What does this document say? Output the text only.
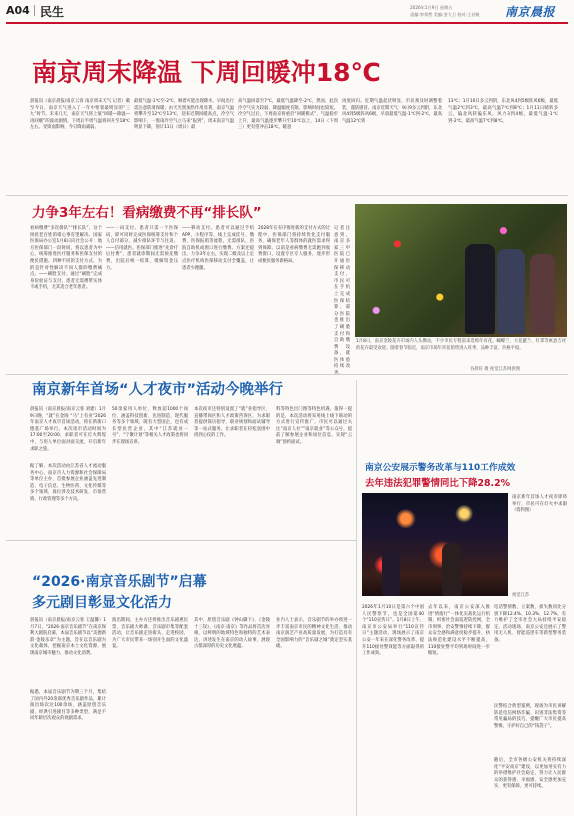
A04 民生	2026年1月9日 星期五
责编:李荣然 美编:金大卫 校对:王若帆 南京晨报
南京周末降温 下周回暖冲18℃
晨报讯（南京晨报/南京云客 南京周末天气 记者）截至今日，南京天气进入了一年中寒暑最明显的“三九”时节。未来几天，南京天气将上演“回暖—降温—再回暖”的波动剧情，下周后半周气温将回升至18℃左右。受锋面影响，今日降雨减弱。
最低气温-1℃至-2℃，顾着可能出现降水，早间出行需注意防滑保暖；由天光照加热作用显著，南京气温将攀升至12℃至13℃，迎来近期回暖高点。冷空气影响下，一股南冷空气立马来“报到”，周末南京气温明显下降，预计11日（周日）最
高气温回落至7℃，最低气温降至-2℃，然而，此次冷空气实力较弱，降温幅度有限，影响时间也较短。冷空气过后，下周南京将重启“回暖模式”，气温稳步上升，最高气温逐步攀升至10℃以上，14日（下周三）更有望冲击18℃，暖意
再度回归。近期气温起伏明显，市民须及时调整着装，谨防感冒。南京近期天气：9日9多云到阴，东北风4到5级阵风6级，早晨最低气温-1℃到-2℃，最高气温12℃到
13℃；1月10日多云到阴，东北风4到5级阵风6级，最低气温2℃到3℃，最高气温7℃到8℃；1月11日晴转多云，偏北风转偏东风，风力3到4级，最低气温-1℃到-2℃，最高气温7℃到8℃。
力争3年左右！看病缴费不再“排长队”
看病缴费“多次排队”“排长队”，这个困扰老百姓的堵心事有望解决。国家医保局办公室1月8日向社会公开：地方医保部门一段时间，将以患者为中心，统筹推进医疗服务和医保支付的便民措施。四种不同的支付方式，为的是针对性解决不同人群的缴费痛点。——刷脸支付。通过“刷脸”完成身份验证与支付，患者无需携带实体卡或手机，尤其适合老年患者。
——一码支付。患者只需一个医保码，即可同时完成医保统筹支付和个人自付部分，减少排队环节与往返。——信用就医。医保部门推进“先诊疗后付费”，患者就诊期间无需预先缴费，出院后统一结算，缓解资金压力。
——移动支付。患者可以通过手机APP、小程序等，线上完成挂号、缴费、医保报销等流程，无需排队，医院自助机或窗口进行缴费。方案还提出，力争3年左右，实现二级及以上定点医疗机构医保移动支付全覆盖，让患者少跑腿。
2028年在有序推进新的支付方式的过程中，医保部门将持续优化支付服务，确保老年人等群体的就医需求得到保障。以前是看病缴费无需跑到收费窗口，设置专区专人服务，逐步形成便民服务新格局。
记者注意到，南京多家三甲医院已开通医保移动支付，市民可在手机上完成医保结算；部分医院也推出了刷脸支付和自助缴费设备，就医体验持续改
1月8日，南京金陵花卉市场内人头攒动，不少市民专程前来选购年宵花。蝴蝶兰、大花蕙兰、红掌等寓意吉祥的花卉最受欢迎。随着春节临近，南京市场年宵花销售进入旺季，品种丰富，价格平稳。
谷晨旺 摄 视觉江苏网供图
南京新年首场“人才夜市”活动今晚举行
晨报讯（南京晨报/南京云客 刘建）1月9日晚，“就”在金陵 “马”上有业”2026年南京人才夜市首场活动，将在新街口德基广场举行。本次夜市活动时间为17:00至20:00，求职者可在灯火辉煌中，与用人单位面对面交流，开启新年求职之旅。
据了解，本次活动由江苏省人才流动服务中心、南京市人力资源和社会保障局等单位主办，首批参展企业涵盖先进制造、电子信息、生物医药、文化传媒等多个领域，岗位涉及技术研发、市场营销、行政管理等多个方向。
50余家用人单位，释放超1000个岗位，涵盖科技创新、先进制造、现代服务等多个领域，既有大型国企，也有成长型民营企业，其中“江苏就业一号”、“宁聚计划”等相关人才政策也将同步在现场宣讲。
本次夜市还特别设置了“就”业指导区、直播带岗区和人才政策咨询区，为求职者提供简历指导、职业规划和面试辅导等一站式服务，让求职者在轻松氛围中找到心仪的工作。
料等特色出门图等特色机遇。值得一提的是，本次活动将采用线上线下联动的方式进行宣传推广，市民可以通过关注“南京人社”“南京就业”等公众号，提前了解参展企业和岗位信息，实现“云端”预约面试。
“2026·南京音乐剧节”启幕
多元剧目彰显文化活力
晨报讯（南京晨报/南京云客 王温馨）1月7日，“2026·南京音乐剧节”在南京保利大剧院启幕，本届音乐剧节以“美德新韵·金陵乐章”为主题，旨在以音乐剧为文化载体，挖掘南京本土文化资源，展现南京城市魅力，推动文化消费。
据悉，本届音乐剧节为期三个月，集结了国内外20余部优秀音乐剧作品，累计演出场次达100余场，涵盖原创音乐剧、经典引进剧目等多种类型，满足不同年龄层次观众的观剧需求。
演出期间，主办方还将推出音乐剧惠民票、音乐剧大师课、音乐剧市集等配套活动，让音乐剧走进街头、走进校园，为广大市民带来一场别开生面的文化盛宴。
其中，原创音乐剧《钟山脚下》、《金陵十三钗》、《南京·南京》等作品将首次亮相，以鲜明的地域特色和独特的艺术表达，讲述发生在南京的动人故事，展现古都深厚的历史文化底蕴。
业内人士表示，音乐剧节的举办将进一步丰富南京市民的精神文化生活，推动南京演艺产业高质量发展，为打造具有全国影响力的“音乐剧之城”奠定坚实基础。
南京公安展示警务改革与110工作成效
去年违法犯罪警情同比下降28.2%
南京新年首场人才夜市即将举行，市民可在灯火中求职（资料图）
视觉江苏
2026年1月10日是第六个中国人民警察节，也是全国第40个“110宣传日”。1月8日上午，南京市公安局举行“110宣传日”主题活动，现场展示了南京公安一年来在深化警务改革、提升110接处警效能等方面取得的工作成效。
去年以来，南京公安深入推进“情指行”一体化实战化运行机制，织密社会面巡逻防控网，全市刑事、治安警情持续下降，群众安全感和满意度稳步提升，执法规范化建设水平不断提高，110接处警平均到场时间进一步缩短。
电话警情数、立案数、损失数同比分别下降12.4%、10.3%、12.7%，有力维护了全市社会大局持续平安稳定。活动现场，南京公安还展示了警用无人机、智能巡逻车等新型警务装备。
民警结合典型案例，现场为市民讲解防范电信网络诈骗、识别非法集资等常见骗局的技巧，提醒广大市民提高警惕，守护好自己的“钱袋子”。
随后，全市各级公安机关将持续深化“平安南京”建设，以更加务实有力的举措维护社会稳定，努力让人民群众的获得感、幸福感、安全感更加充实、更有保障、更可持续。
